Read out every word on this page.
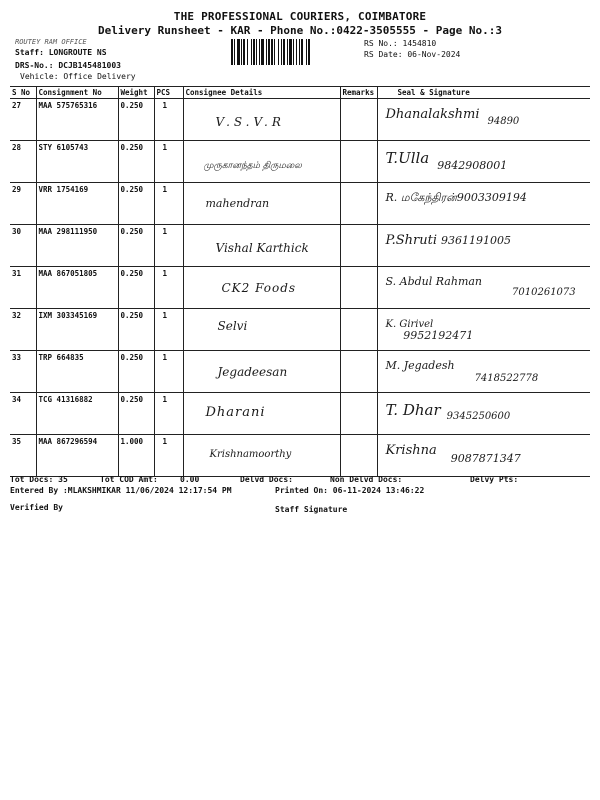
THE PROFESSIONAL COURIERS, COIMBATORE
Delivery Runsheet - KAR - Phone No.:0422-3505555 - Page No.:3
ROUTEY RAM OFFICE
Staff: LONGROUTE NS
DRS-No.: DCJB145481003
Vehicle: Office Delivery
RS No.: 1454810
RS Date: 06-Nov-2024
S No	Consignment No	Weight	PCS	Consignee Details	Remarks	Seal & Signature
27	MAA 575765316	0.250	1	V.S.V.R		Dhanalakshmi 94890

28	STY 6105743	0.250	1	முருகானந்தம் திருமலை		T.Ulla 9842908001

29	VRR 1754169	0.250	1	mahendran		R. மகேந்திரன்9003309194

30	MAA 298111950	0.250	1	Vishal Karthick		P.Shruti 9361191005

31	MAA 867051805	0.250	1	CK2 Foods		S. Abdul Rahman7010261073

32	IXM 303345169	0.250	1	Selvi		K. Girivel9952192471

33	TRP 664835	0.250	1	Jegadeesan		M. Jegadesh7418522778

34	TCG 41316882	0.250	1	Dharani		T. Dhar 9345250600

35	MAA 867296594	1.000	1	Krishnamoorthy		Krishna9087871347
Tot Docs: 35	Tot COD Amt:	0.00	Delvd Docs:	Non Delvd Docs:	Delvy Pts:
Entered By :MLAKSHMIKAR 11/06/2024 12:17:54 PM	Printed On: 06-11-2024 13:46:22
Verified By	Staff Signature
